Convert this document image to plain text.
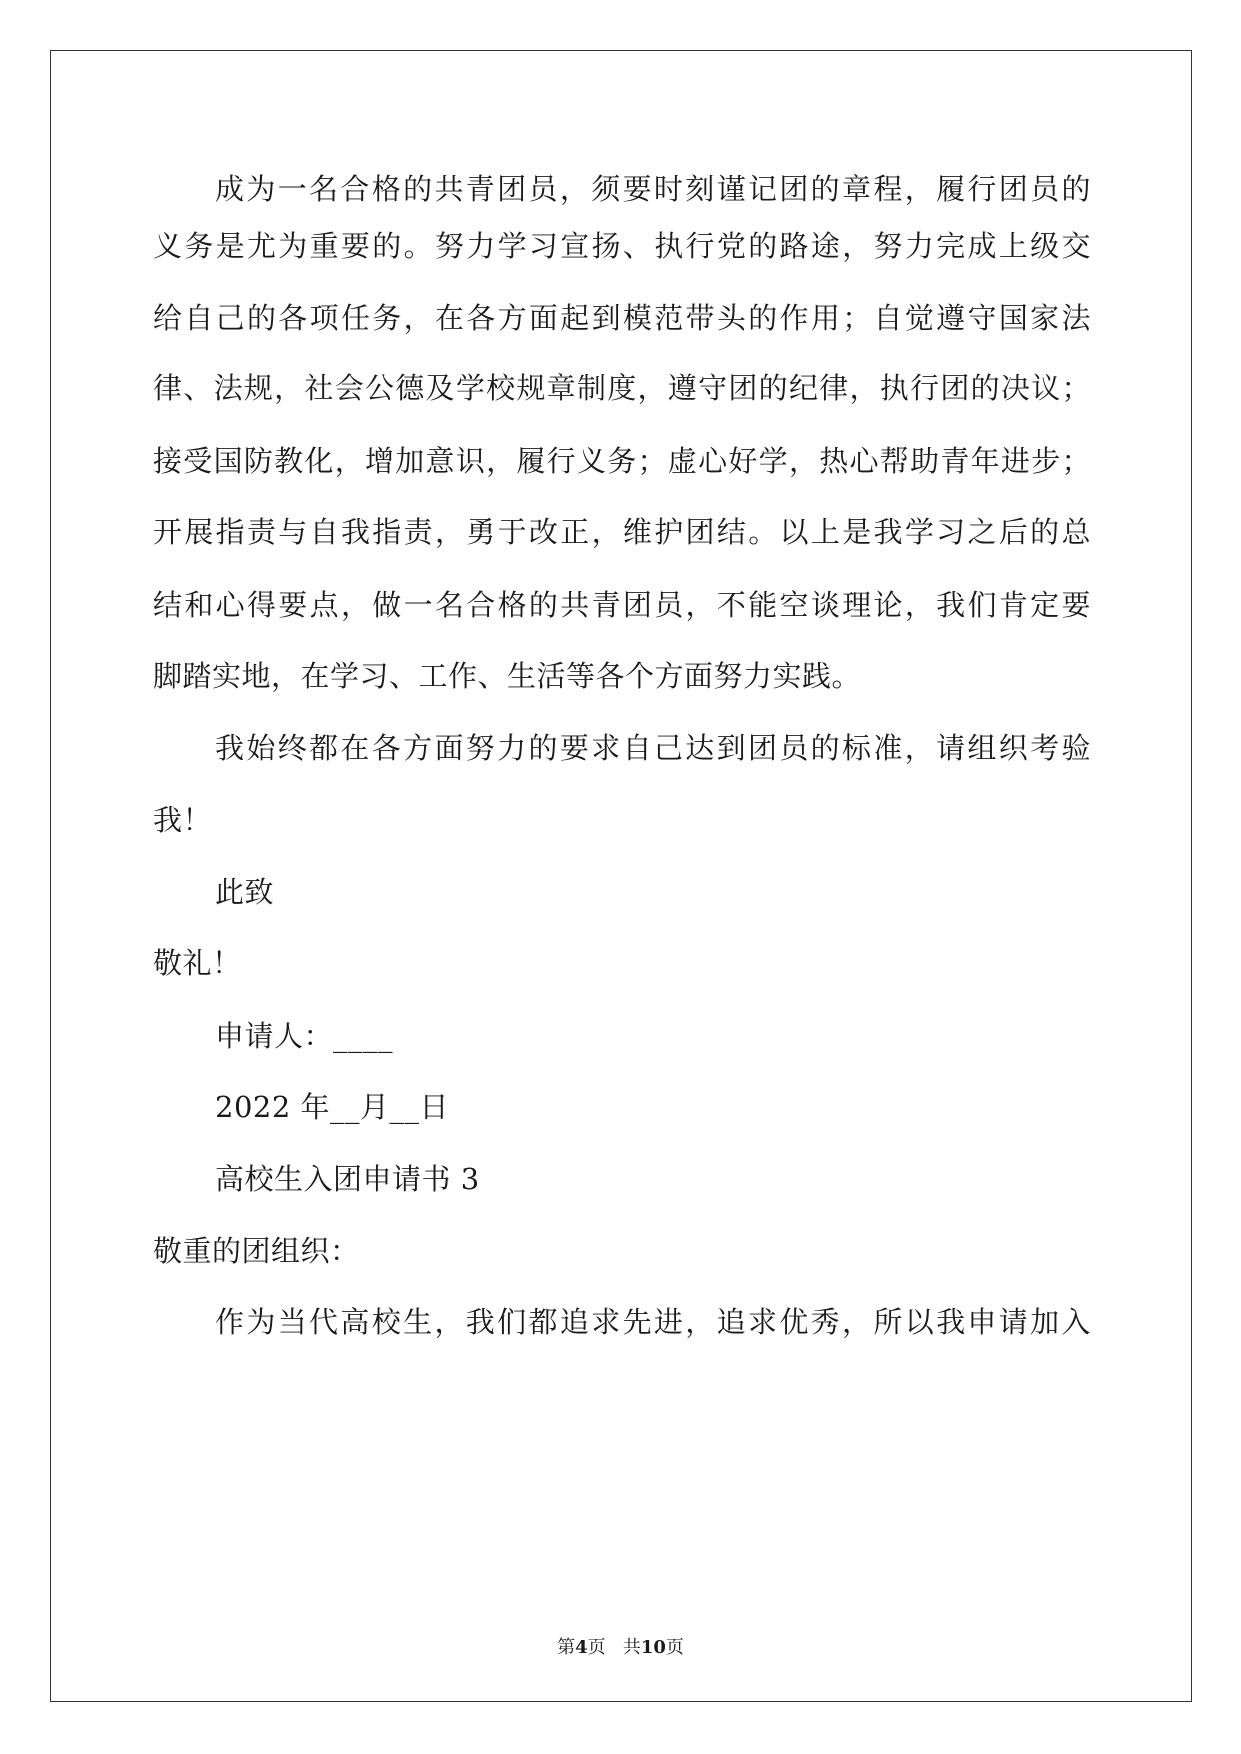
成为一名合格的共青团员，须要时刻谨记团的章程，履行团员的
义务是尤为重要的。努力学习宣扬、执行党的路途，努力完成上级交
给自己的各项任务，在各方面起到模范带头的作用；自觉遵守国家法
律、法规，社会公德及学校规章制度，遵守团的纪律，执行团的决议；
接受国防教化，增加意识，履行义务；虚心好学，热心帮助青年进步；
开展指责与自我指责，勇于改正，维护团结。以上是我学习之后的总
结和心得要点，做一名合格的共青团员，不能空谈理论，我们肯定要
脚踏实地，在学习、工作、生活等各个方面努力实践。
我始终都在各方面努力的要求自己达到团员的标准，请组织考验
我！
此致
敬礼！
申请人：____
2022 年__月__日
高校生入团申请书 3
敬重的团组织：
作为当代高校生，我们都追求先进，追求优秀，所以我申请加入
第4页 共10页
